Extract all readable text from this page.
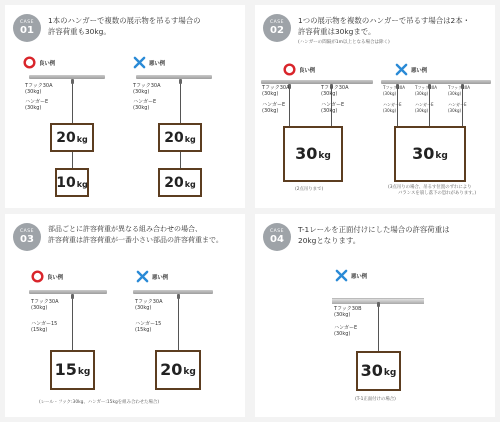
CASE
01
1本のハンガーで複数の展示物を吊るす場合の
許容荷重も30kg。
良い例
Tフック30A
(30kg)
ハンガーE
(30kg)
20 kg
10 kg
悪い例
Tフック30A
(30kg)
ハンガーE
(30kg)
20 kg
20 kg
CASE
02
1つの展示物を複数のハンガーで吊るす場合は2本・
許容荷重は30kgまで。
(ハンガーの間隔が1m以上となる場合は除く)
良い例
Tフック30A
(30kg)
Tフック30A
(30kg)
ハンガーE
(30kg)
ハンガーE
(30kg)
30 kg
(2点吊りまで)
悪い例
Tフック30A
(30kg)
Tフック30A
(30kg)
Tフック30A
(30kg)
ハンガーE
(30kg)
ハンガーE
(30kg)
ハンガーE
(30kg)
30 kg
(3点吊りの場合、吊るす位置のずれにより
バランスを崩し落下の恐れがあります。)
CASE
03
部品ごとに許容荷重が異なる組み合わせの場合、
許容荷重は許容荷重が一番小さい部品の許容荷重まで。
良い例
Tフック30A
(30kg)
ハンガー15
(15kg)
15 kg
悪い例
Tフック30A
(30kg)
ハンガー15
(15kg)
20 kg
(レール・フック:30kg、ハンガー:15kgを組み合わせた場合)
CASE
04
T-1レールを正面付けにした場合の許容荷重は
20kgとなります。
悪い例
Tフック30B
(30kg)
ハンガーE
(30kg)
30 kg
(T-1正面付けの場合)
